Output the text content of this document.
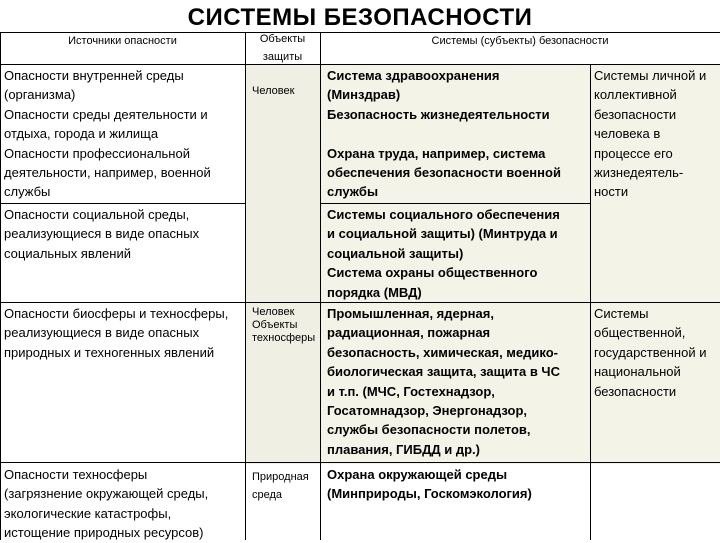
СИСТЕМЫ БЕЗОПАСНОСТИ
Источники опасности	Объекты
защиты
Системы (субъекты) безопасности
Опасности внутренней среды
(организма)
Опасности среды деятельности и
отдыха, города и жилища
Опасности профессиональной
деятельности, например, военной
службы
Человек
Система здравоохранения
(Минздрав)
Безопасность жизнедеятельности

Охрана труда, например, система
обеспечения безопасности военной
службы
Системы личной и
коллективной
безопасности
человека в
процессе его
жизнедеятель-
ности
Опасности социальной среды,
реализующиеся в виде опасных
социальных явлений
Системы социального обеспечения
и социальной защиты) (Минтруда и
социальной защиты)
Система охраны общественного
порядка (МВД)
Опасности биосферы и техносферы,
реализующиеся в виде опасных
природных и техногенных явлений
Человек
Объекты
техносферы
Промышленная, ядерная,
радиационная, пожарная
безопасность, химическая, медико-
биологическая защита, защита в ЧС
и т.п. (МЧС, Гостехнадзор,
Госатомнадзор, Энергонадзор,
службы безопасности полетов,
плавания, ГИБДД и др.)
Системы
общественной,
государственной и
национальной
безопасности
Опасности техносферы
(загрязнение окружающей среды,
экологические катастрофы,
истощение природных ресурсов)
Природная
среда
Охрана окружающей среды
(Минприроды, Госкомэкология)
